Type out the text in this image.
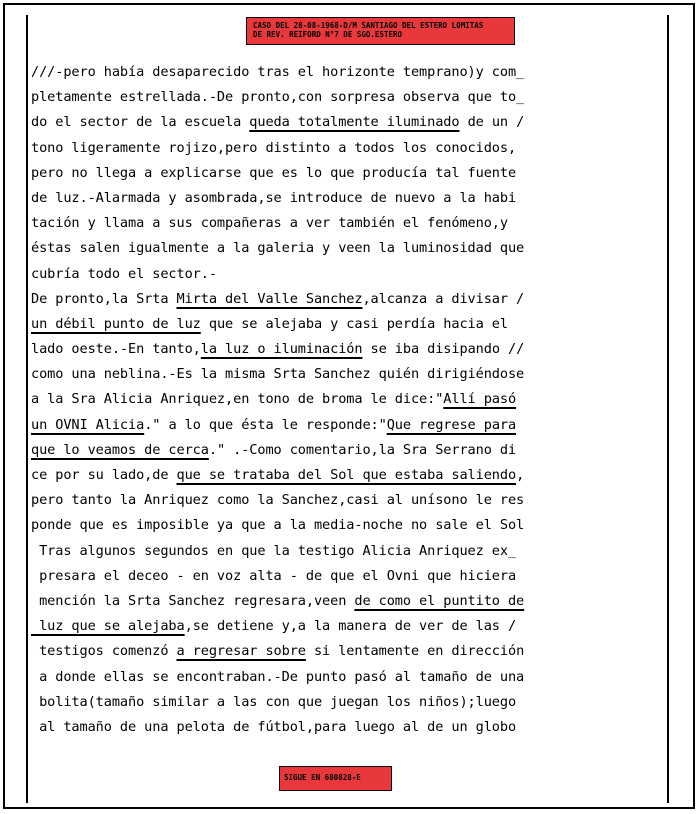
CASO DEL 28-08-1968-D/M SANTIAGO DEL ESTERO LOMITAS
DE REV. REIFORD N°7 DE SGO.ESTERO
///-pero había desaparecido tras el horizonte temprano)y com_
pletamente estrellada.-De pronto,con sorpresa observa que to_
do el sector de la escuela queda totalmente iluminado de un /
tono ligeramente rojizo,pero distinto a todos los conocidos,
pero no llega a explicarse que es lo que producía tal fuente
de luz.-Alarmada y asombrada,se introduce de nuevo a la habi
tación y llama a sus compañeras a ver también el fenómeno,y
éstas salen igualmente a la galeria y veen la luminosidad que
cubría todo el sector.-
De pronto,la Srta Mirta del Valle Sanchez,alcanza a divisar /
un débil punto de luz que se alejaba y casi perdía hacia el
lado oeste.-En tanto,la luz o iluminación se iba disipando //
como una neblina.-Es la misma Srta Sanchez quién dirigiéndose
a la Sra Alicia Anriquez,en tono de broma le dice:"Allí pasó
un OVNI Alicia." a lo que ésta le responde:"Que regrese para
que lo veamos de cerca." .-Como comentario,la Sra Serrano di
ce por su lado,de que se trataba del Sol que estaba saliendo,
pero tanto la Anriquez como la Sanchez,casi al unísono le res
ponde que es imposible ya que a la media-noche no sale el Sol
Tras algunos segundos en que la testigo Alicia Anriquez ex_
presara el deceo - en voz alta - de que el Ovni que hiciera
mención la Srta Sanchez regresara,veen de como el puntito de
luz que se alejaba,se detiene y,a la manera de ver de las /
testigos comenzó a regresar sobre si lentamente en dirección
a donde ellas se encontraban.-De punto pasó al tamaño de una
bolita(tamaño similar a las con que juegan los niños);luego
al tamaño de una pelota de fútbol,para luego al de un globo
SIGUE EN 680828-E
